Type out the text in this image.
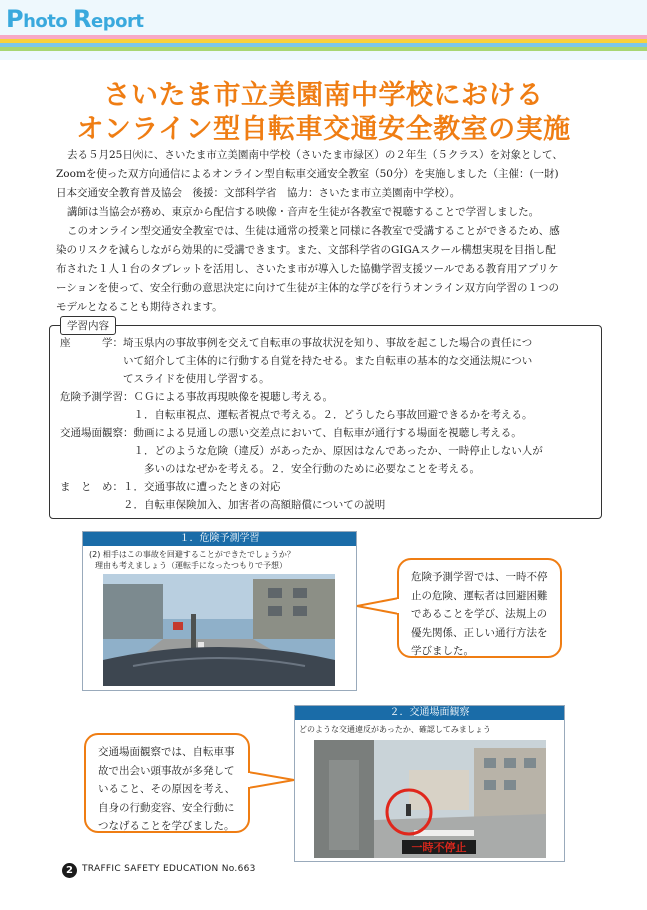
Photo Report
さいたま市立美園南中学校における
オンライン型自転車交通安全教室の実施
去る５月25日㈫に、さいたま市立美園南中学校（さいたま市緑区）の２年生（５クラス）を対象として、
Zoomを使った双方向通信によるオンライン型自転車交通安全教室（50分）を実施しました（主催：(一財)
日本交通安全教育普及協会　後援：文部科学省　協力：さいたま市立美園南中学校）。
講師は当協会が務め、東京から配信する映像・音声を生徒が各教室で視聴することで学習しました。
このオンライン型交通安全教室では、生徒は通常の授業と同様に各教室で受講することができるため、感
染のリスクを減らしながら効果的に受講できます。また、文部科学省のGIGAスクール構想実現を目指し配
布された１人１台のタブレットを活用し、さいたま市が導入した協働学習支援ツールである教育用アプリケ
ーションを使って、安全行動の意思決定に向けて生徒が主体的な学びを行うオンライン双方向学習の１つの
モデルとなることも期待されます。
座　　　学：埼玉県内の事故事例を交えて自転車の事故状況を知り、事故を起こした場合の責任につ
　　　　　　いて紹介して主体的に行動する自覚を持たせる。また自転車の基本的な交通法規につい
　　　　　　てスライドを使用し学習する。
危険予測学習：ＣＧによる事故再現映像を視聴し考える。
　　　　　　　１．自転車視点、運転者視点で考える。２．どうしたら事故回避できるかを考える。
交通場面観察：動画による見通しの悪い交差点において、自転車が通行する場面を視聴し考える。
　　　　　　　１．どのような危険（違反）があったか、原因はなんであったか、一時停止しない人が
　　　　　　　　多いのはなぜかを考える。２．安全行動のために必要なことを考える。
ま　と　め：１．交通事故に遭ったときの対応
　　　　　　２．自転車保険加入、加害者の高額賠償についての説明
学習内容
１．危険予測学習
(2) 相手はこの事故を回避することができたでしょうか？
理由も考えましょう（運転手になったつもりで予想）
危険予測学習では、一時不停
止の危険、運転者は回避困難
であることを学び、法規上の
優先関係、正しい通行方法を
学びました。
２．交通場面観察
どのような交通違反があったか、確認してみましょう
一時不停止
交通場面観察では、自転車事
故で出会い頭事故が多発して
いること、その原因を考え、
自身の行動変容、安全行動に
つなげることを学びました。
2	TRAFFIC SAFETY EDUCATION No.663
